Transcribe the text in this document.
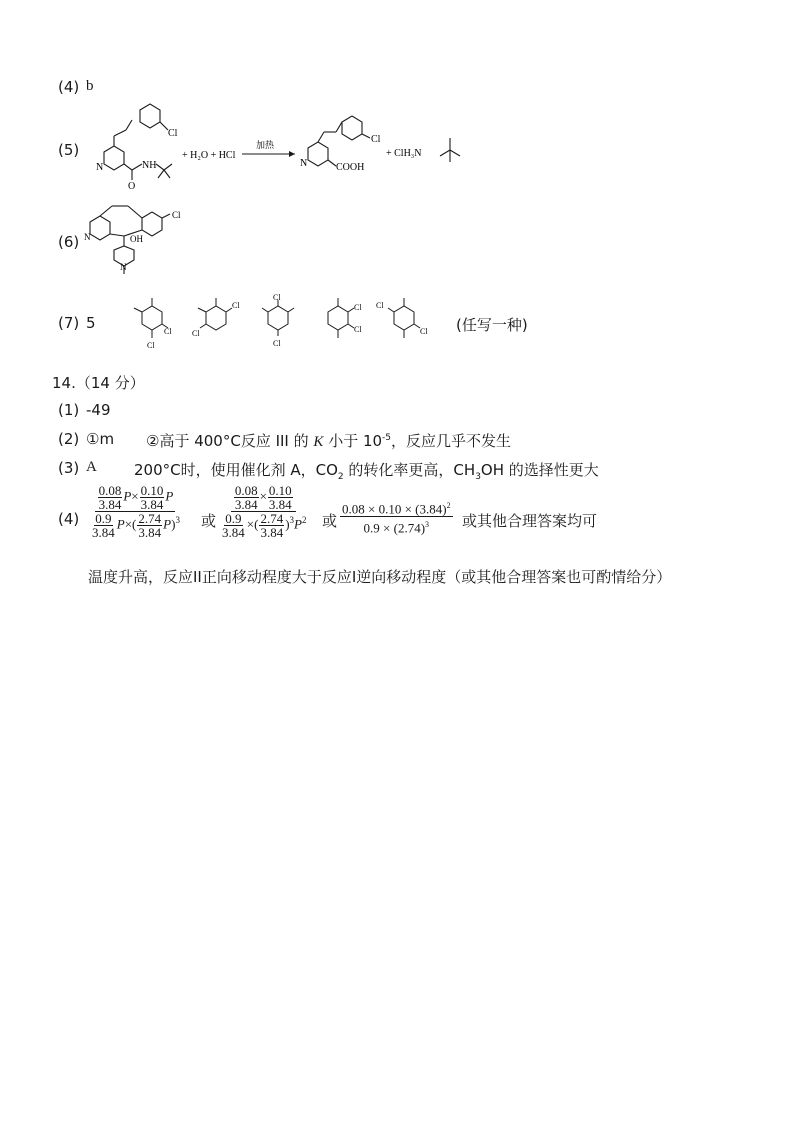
(4) b
(5)
N
O
NH
Cl
+ H₂O + HCl
加热
N	COOH
Cl
+ ClH₃N
(6) N	OH
Cl
N
(7) 5	Cl
Cl
Cl
Cl
Cl
Cl
Cl
Cl
Cl
Cl (任写一种)
14.（14 分）
(1) -49
(2) ①m ②高于 400°C反应 III 的 K 小于 $10^{-5}$，反应几乎不发生
(3) A 200°C时，使用催化剂 A，$CO_2$ 的转化率更高，$CH_3OH$ 的选择性更大
$(4) \frac{\frac{0.08}{3.84} P\times \frac{0.10}{3.84} P}{\frac{0.9}{3.84} P\times( \frac{2.74}{3.84} P)^3}$ 或 $\frac{\frac{0.08}{3.84} \times \frac{0.10}{3.84}}{\frac{0.9}{3.84} \times( \frac{2.74}{3.84} )^3P^2}$ 或 $\frac{0.08 \times 0.10 \times (3.84)^2}{0.9 \times (2.74)^3}$ 或其他合理答案均可
温度升高，反应II正向移动程度大于反应I逆向移动程度（或其他合理答案也可酌情给分）
